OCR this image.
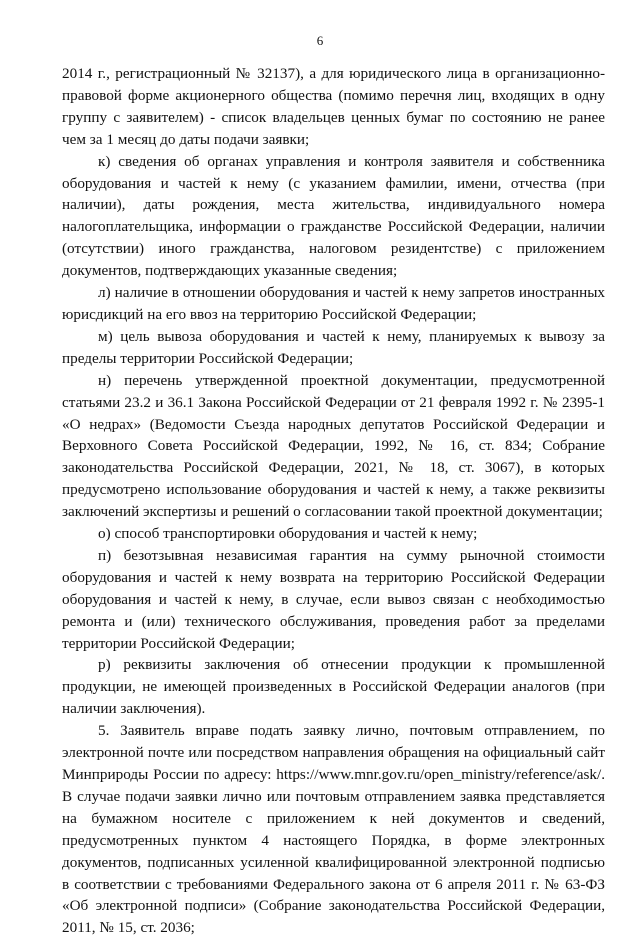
6

2014 г., регистрационный № 32137), а для юридического лица в организационно-правовой форме акционерного общества (помимо перечня лиц, входящих в одну группу с заявителем) - список владельцев ценных бумаг по состоянию не ранее чем за 1 месяц до даты подачи заявки;

к) сведения об органах управления и контроля заявителя и собственника оборудования и частей к нему (с указанием фамилии, имени, отчества (при наличии), даты рождения, места жительства, индивидуального номера налогоплательщика, информации о гражданстве Российской Федерации, наличии (отсутствии) иного гражданства, налоговом резидентстве) с приложением документов, подтверждающих указанные сведения;

л) наличие в отношении оборудования и частей к нему запретов иностранных юрисдикций на его ввоз на территорию Российской Федерации;

м) цель вывоза оборудования и частей к нему, планируемых к вывозу за пределы территории Российской Федерации;

н) перечень утвержденной проектной документации, предусмотренной статьями 23.2 и 36.1 Закона Российской Федерации от 21 февраля 1992 г. № 2395-1 «О недрах» (Ведомости Съезда народных депутатов Российской Федерации и Верховного Совета Российской Федерации, 1992, № 16, ст. 834; Собрание законодательства Российской Федерации, 2021, № 18, ст. 3067), в которых предусмотрено использование оборудования и частей к нему, а также реквизиты заключений экспертизы и решений о согласовании такой проектной документации;

о) способ транспортировки оборудования и частей к нему;

п) безотзывная независимая гарантия на сумму рыночной стоимости оборудования и частей к нему возврата на территорию Российской Федерации оборудования и частей к нему, в случае, если вывоз связан с необходимостью ремонта и (или) технического обслуживания, проведения работ за пределами территории Российской Федерации;

р) реквизиты заключения об отнесении продукции к промышленной продукции, не имеющей произведенных в Российской Федерации аналогов (при наличии заключения).

5. Заявитель вправе подать заявку лично, почтовым отправлением, по электронной почте или посредством направления обращения на официальный сайт Минприроды России по адресу: https://www.mnr.gov.ru/open_ministry/reference/ask/. В случае подачи заявки лично или почтовым отправлением заявка представляется на бумажном носителе с приложением к ней документов и сведений, предусмотренных пунктом 4 настоящего Порядка, в форме электронных документов, подписанных усиленной квалифицированной электронной подписью в соответствии с требованиями Федерального закона от 6 апреля 2011 г. № 63-ФЗ «Об электронной подписи» (Собрание законодательства Российской Федерации, 2011, № 15, ст. 2036;
